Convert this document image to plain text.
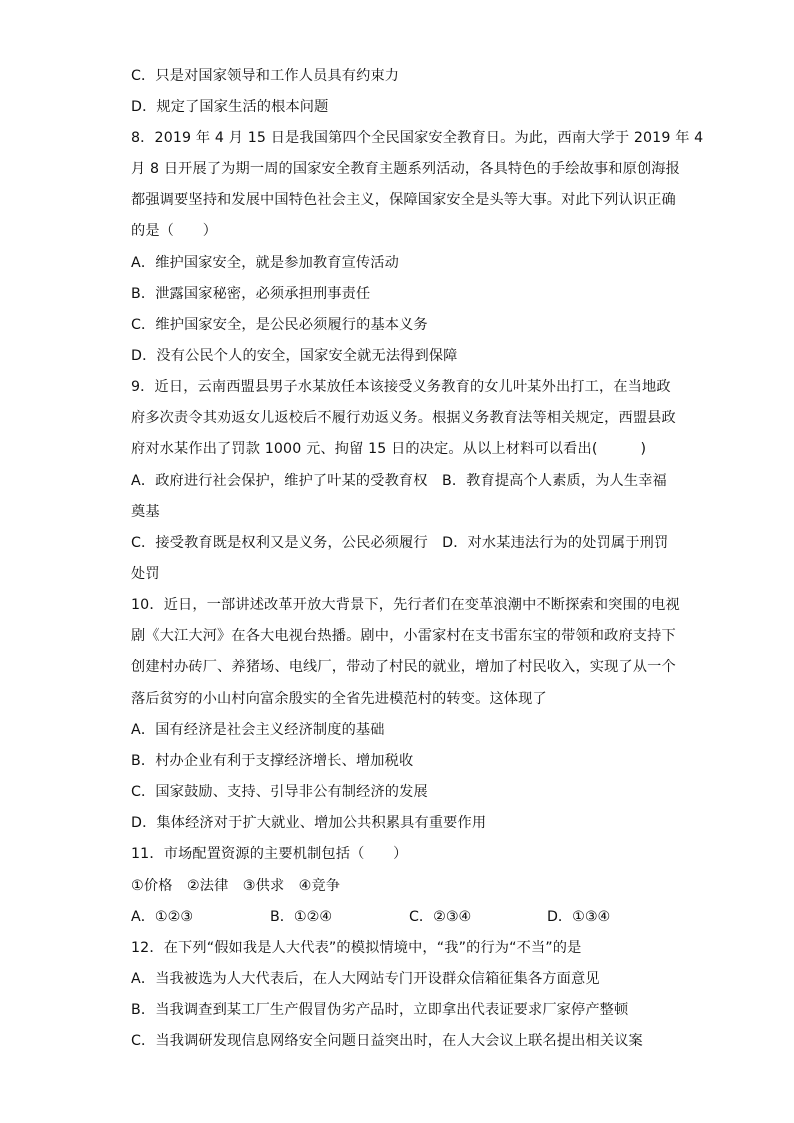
C．只是对国家领导和工作人员具有约束力
D．规定了国家生活的根本问题
8．2019 年 4 月 15 日是我国第四个全民国家安全教育日。为此，西南大学于 2019 年 4
月 8 日开展了为期一周的国家安全教育主题系列活动，各具特色的手绘故事和原创海报
都强调要坚持和发展中国特色社会主义，保障国家安全是头等大事。对此下列认识正确
的是（　　）
A．维护国家安全，就是参加教育宣传活动
B．泄露国家秘密，必须承担刑事责任
C．维护国家安全，是公民必须履行的基本义务
D．没有公民个人的安全，国家安全就无法得到保障
9．近日，云南西盟县男子水某放任本该接受义务教育的女儿叶某外出打工，在当地政
府多次责令其劝返女儿返校后不履行劝返义务。根据义务教育法等相关规定，西盟县政
府对水某作出了罚款 1000 元、拘留 15 日的决定。从以上材料可以看出(　　　)
A．政府进行社会保护，维护了叶某的受教育权　B．教育提高个人素质，为人生幸福
奠基
C．接受教育既是权利又是义务，公民必须履行　D．对水某违法行为的处罚属于刑罚
处罚
10．近日，一部讲述改革开放大背景下，先行者们在变革浪潮中不断探索和突围的电视
剧《大江大河》在各大电视台热播。剧中，小雷家村在支书雷东宝的带领和政府支持下
创建村办砖厂、养猪场、电线厂，带动了村民的就业，增加了村民收入，实现了从一个
落后贫穷的小山村向富余殷实的全省先进模范村的转变。这体现了
A．国有经济是社会主义经济制度的基础
B．村办企业有利于支撑经济增长、增加税收
C．国家鼓励、支持、引导非公有制经济的发展
D．集体经济对于扩大就业、增加公共积累具有重要作用
11．市场配置资源的主要机制包括（　　）
①价格　②法律　③供求　④竞争
A．①②③	B．①②④	C．②③④	D．①③④
12．在下列“假如我是人大代表”的模拟情境中，“我”的行为“不当”的是
A．当我被选为人大代表后，在人大网站专门开设群众信箱征集各方面意见
B．当我调查到某工厂生产假冒伪劣产品时，立即拿出代表证要求厂家停产整顿
C．当我调研发现信息网络安全问题日益突出时，在人大会议上联名提出相关议案
